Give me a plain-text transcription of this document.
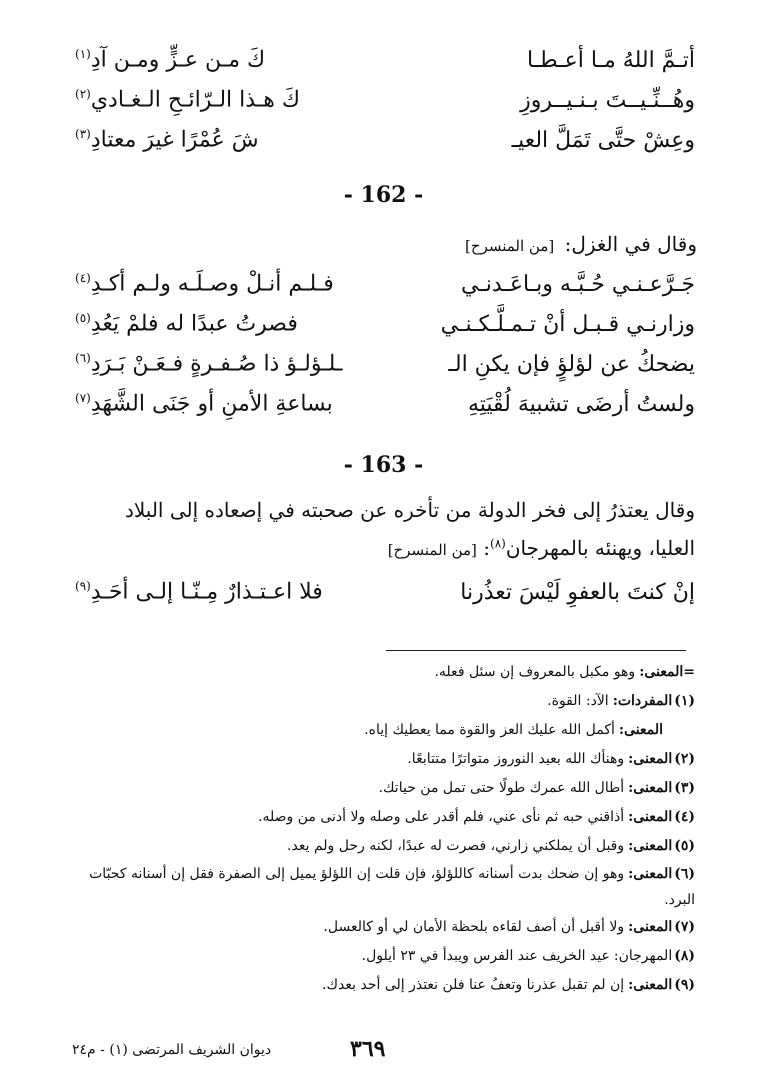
أتـمَّ اللهُ مـا أعـطـا
كَ مـن عـزٍّ ومـن آدِ$^{(١)}$
وهُــنِّـيــتَ بـنـيــروزِ
كَ هـذا الـرّائـحِ الـغـادي$^{(٢)}$
وعِشْ حتَّى تَمَلَّ العيـ
شَ عُمْرًا غيرَ معتادِ$^{(٣)}$
- 162 -
وقال في الغزل: [من المنسرح]
جَـرَّعـنـي حُـبَّـه وبـاعَـدنـي
فـلـم أنـلْ وصـلَـه ولـم أكـدِ$^{(٤)}$
وزارنـي قـبـل أنْ تـمـلَّـكـنـي
فصرتُ عبدًا له فلمْ يَعُدِ$^{(٥)}$
يضحكُ عن لؤلؤٍ فإن يكنِ الـ
ـلـؤلـؤ ذا صُـفـرةٍ فـعَـنْ بَـرَدِ$^{(٦)}$
ولستُ أرضَى تشبيهَ لُقْيَتِهِ
بساعةِ الأمنِ أو جَنَى الشَّهَدِ$^{(٧)}$
- 163 -
وقال يعتذرُ إلى فخر الدولة من تأخره عن صحبته في إصعاده إلى البلاد
العليا، ويهنئه بالمهرجان$^{(٨)}$: [من المنسرح]
إنْ كنتَ بالعفوِ لَيْسَ تعذُرنا
فلا اعـتـذارٌ مِـنّـا إلـى أحَـدِ$^{(٩)}$
=المعنى:وهو مكبل بالمعروف إن سئل فعله.
(١)المفردات:الآد: القوة.
المعنى:أكمل الله عليك العز والقوة مما يعطيك إياه.
(٢)المعنى:وهنأك الله بعيد النوروز متواترًا متتابعًا.
(٣)المعنى:أطال الله عمرك طولًا حتى تمل من حياتك.
(٤)المعنى:أذاقني حبه ثم نأى عني، فلم أقدر على وصله ولا أدنى من وصله.
(٥)المعنى:وقبل أن يملكني زارني، فصرت له عبدًا، لكنه رحل ولم يعد.
(٦)المعنى:وهو إن ضحك بدت أسنانه كاللؤلؤ، فإن قلت إن اللؤلؤ يميل إلى الصفرة فقل إن أسنانه كحبّات البرد.
(٧)المعنى:ولا أقبل أن أصف لقاءه بلحظة الأمان لي أو كالعسل.
(٨)المهرجان:عيد الخريف عند الفرس ويبدأ في ٢٣ أيلول.
(٩)المعنى:إن لم تقبل عذرنا وتعفُ عنا فلن نعتذر إلى أحد بعدك.
٣٦٩
ديوان الشريف المرتضى (١) - م٢٤
